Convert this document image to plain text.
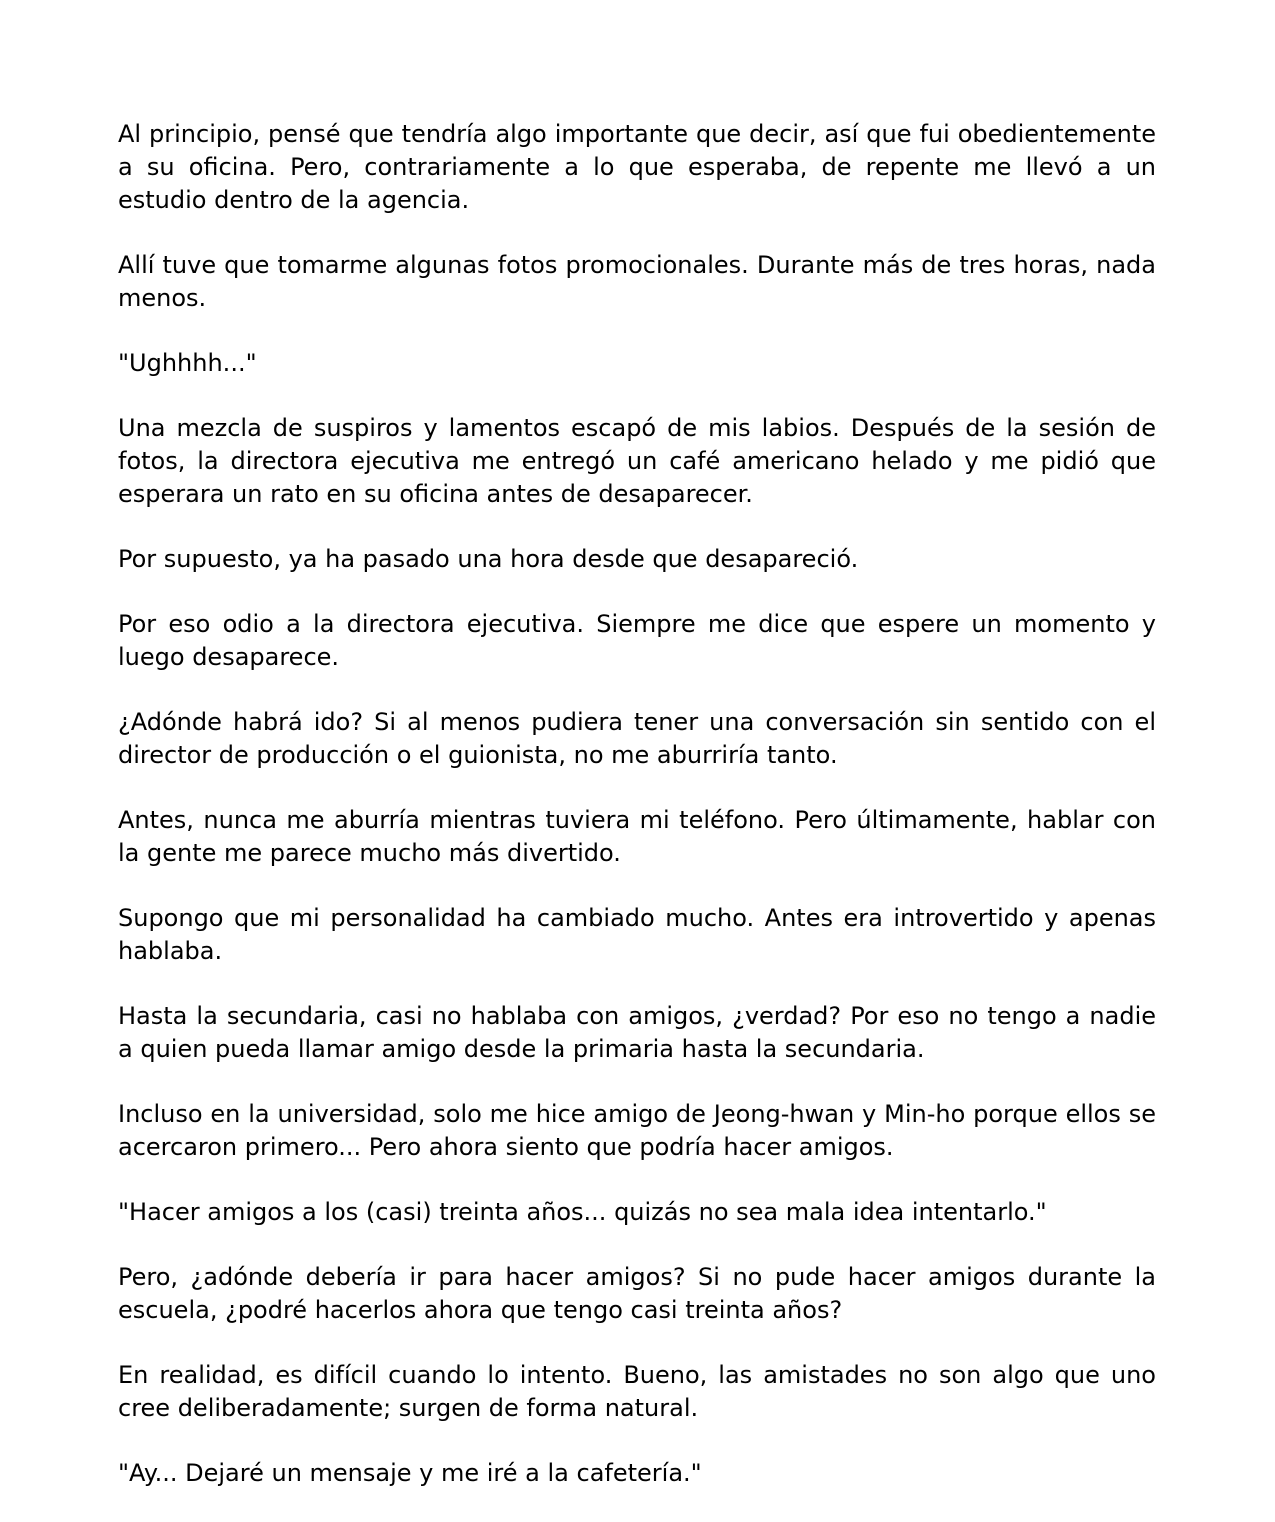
Al principio, pensé que tendría algo importante que decir, así que fui obedientemente a su oficina. Pero, contrariamente a lo que esperaba, de repente me llevó a un estudio dentro de la agencia.

Allí tuve que tomarme algunas fotos promocionales. Durante más de tres horas, nada menos.

"Ughhhh..."

Una mezcla de suspiros y lamentos escapó de mis labios. Después de la sesión de fotos, la directora ejecutiva me entregó un café americano helado y me pidió que esperara un rato en su oficina antes de desaparecer.

Por supuesto, ya ha pasado una hora desde que desapareció.

Por eso odio a la directora ejecutiva. Siempre me dice que espere un momento y luego desaparece.

¿Adónde habrá ido? Si al menos pudiera tener una conversación sin sentido con el director de producción o el guionista, no me aburriría tanto.

Antes, nunca me aburría mientras tuviera mi teléfono. Pero últimamente, hablar con la gente me parece mucho más divertido.

Supongo que mi personalidad ha cambiado mucho. Antes era introvertido y apenas hablaba.

Hasta la secundaria, casi no hablaba con amigos, ¿verdad? Por eso no tengo a nadie a quien pueda llamar amigo desde la primaria hasta la secundaria.

Incluso en la universidad, solo me hice amigo de Jeong-hwan y Min-ho porque ellos se acercaron primero... Pero ahora siento que podría hacer amigos.

"Hacer amigos a los (casi) treinta años... quizás no sea mala idea intentarlo."

Pero, ¿adónde debería ir para hacer amigos? Si no pude hacer amigos durante la escuela, ¿podré hacerlos ahora que tengo casi treinta años?

En realidad, es difícil cuando lo intento. Bueno, las amistades no son algo que uno cree deliberadamente; surgen de forma natural.

"Ay... Dejaré un mensaje y me iré a la cafetería."
